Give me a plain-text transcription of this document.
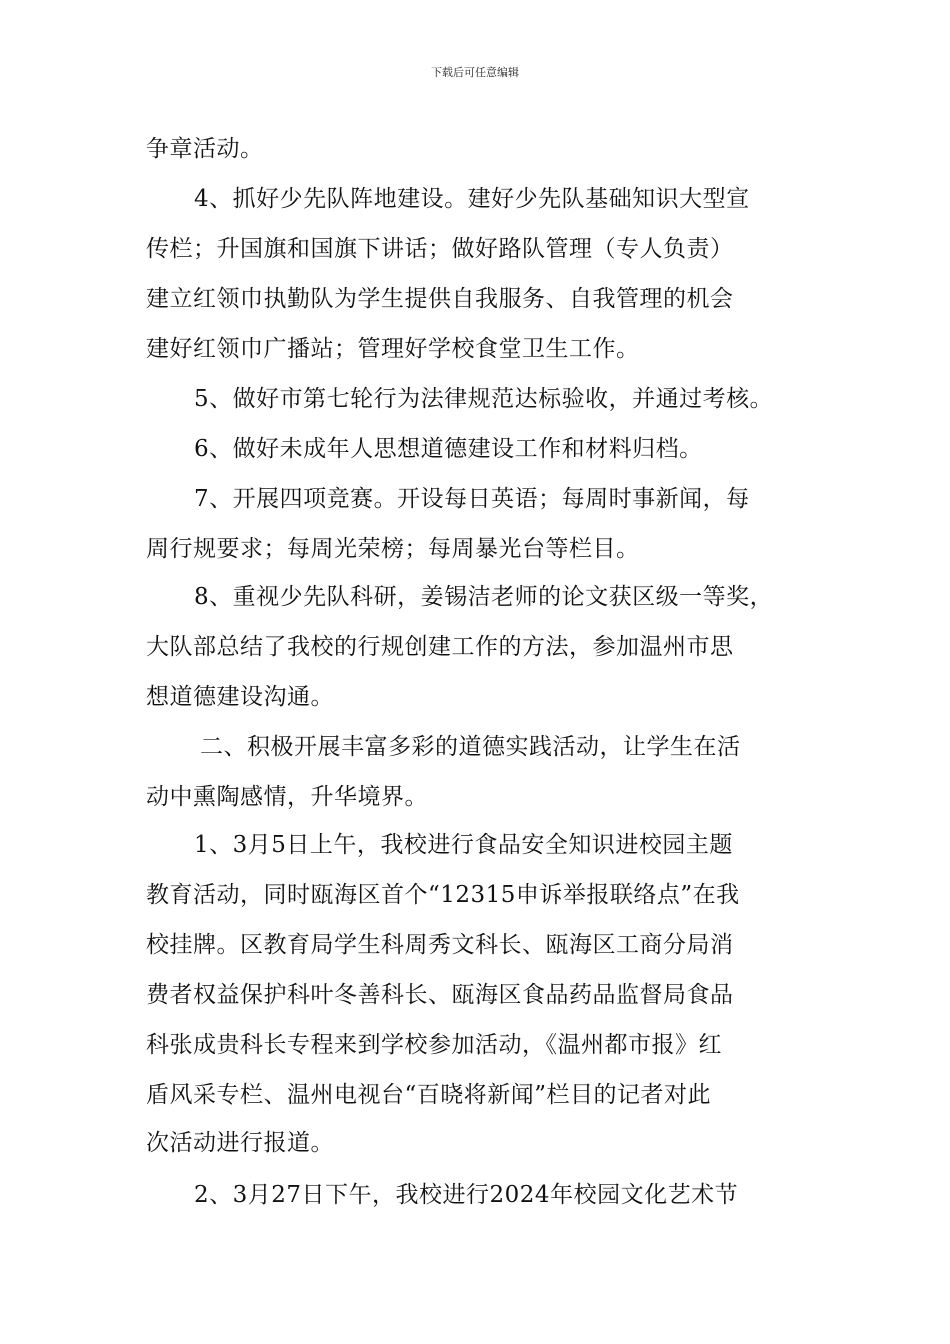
下载后可任意编辑
争章活动。
4、抓好少先队阵地建设。建好少先队基础知识大型宣
传栏；升国旗和国旗下讲话；做好路队管理（专人负责）
建立红领巾执勤队为学生提供自我服务、自我管理的机会
建好红领巾广播站；管理好学校食堂卫生工作。
5、做好市第七轮行为法律规范达标验收，并通过考核。
6、做好未成年人思想道德建设工作和材料归档。
7、开展四项竞赛。开设每日英语；每周时事新闻，每
周行规要求；每周光荣榜；每周暴光台等栏目。
8、重视少先队科研，姜锡洁老师的论文获区级一等奖，
大队部总结了我校的行规创建工作的方法，参加温州市思
想道德建设沟通。
二、积极开展丰富多彩的道德实践活动，让学生在活
动中熏陶感情，升华境界。
1、3月5日上午，我校进行食品安全知识进校园主题
教育活动，同时瓯海区首个“12315申诉举报联络点”在我
校挂牌。区教育局学生科周秀文科长、瓯海区工商分局消
费者权益保护科叶冬善科长、瓯海区食品药品监督局食品
科张成贵科长专程来到学校参加活动，《温州都市报》红
盾风采专栏、温州电视台“百晓将新闻”栏目的记者对此
次活动进行报道。
2、3月27日下午，我校进行2024年校园文化艺术节
